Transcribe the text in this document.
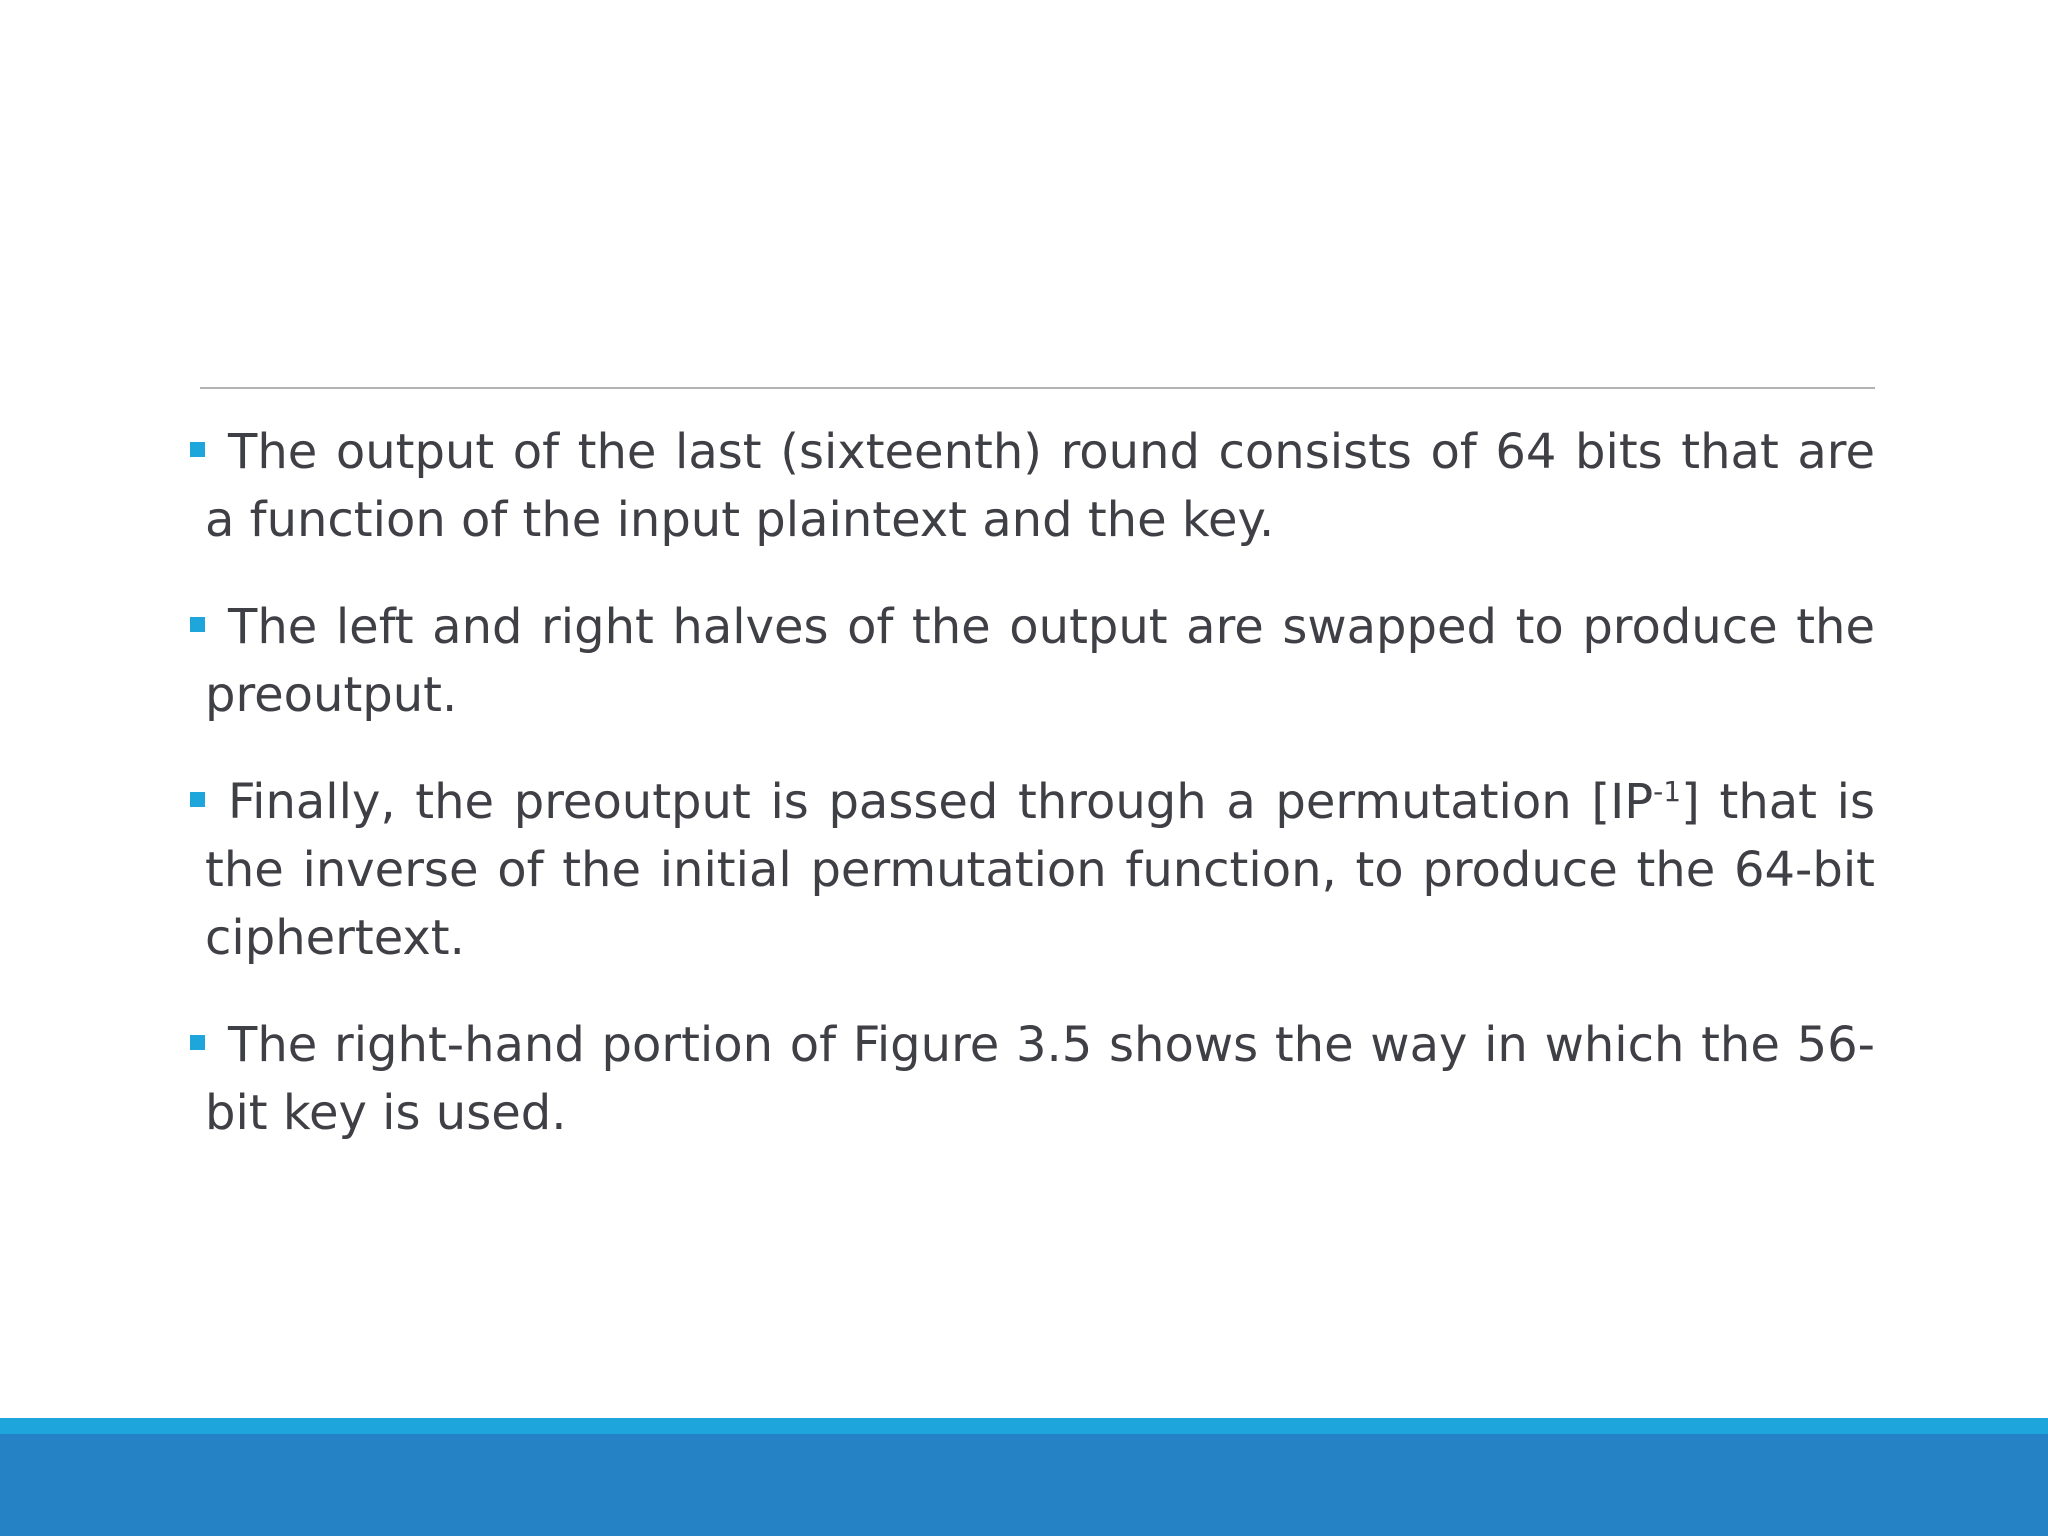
The output of the last (sixteenth) round consists of 64 bits that are a function of the input plaintext and the key.

The left and right halves of the output are swapped to produce the preoutput.

Finally, the preoutput is passed through a permutation $[IP^{-1}]$ that is the inverse of the initial permutation function, to produce the 64-bit ciphertext.

The right-hand portion of Figure 3.5 shows the way in which the 56-bit key is used.
